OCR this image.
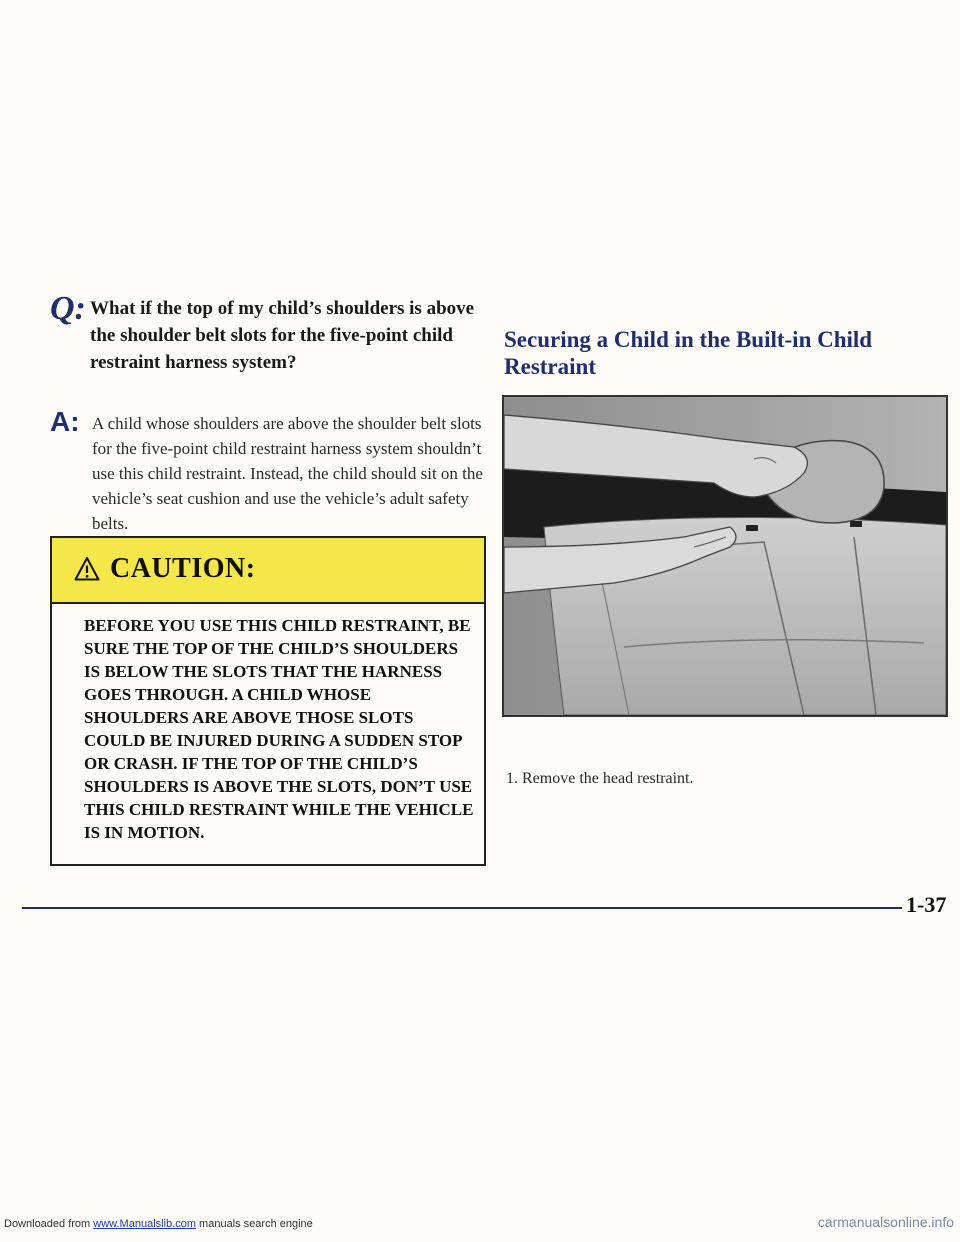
Q: What if the top of my child’s shoulders is above the shoulder belt slots for the five-point child restraint harness system?
A: A child whose shoulders are above the shoulder belt slots for the five-point child restraint harness system shouldn’t use this child restraint. Instead, the child should sit on the vehicle’s seat cushion and use the vehicle’s adult safety belts.
CAUTION:
BEFORE YOU USE THIS CHILD RESTRAINT, BE SURE THE TOP OF THE CHILD’S SHOULDERS IS BELOW THE SLOTS THAT THE HARNESS GOES THROUGH. A CHILD WHOSE SHOULDERS ARE ABOVE THOSE SLOTS COULD BE INJURED DURING A SUDDEN STOP OR CRASH. IF THE TOP OF THE CHILD’S SHOULDERS IS ABOVE THE SLOTS, DON’T USE THIS CHILD RESTRAINT WHILE THE VEHICLE IS IN MOTION.
Securing a Child in the Built-in Child Restraint
1. Remove the head restraint.
1-37
Downloaded from www.Manualslib.com manuals search engine	carmanualsonline.info
